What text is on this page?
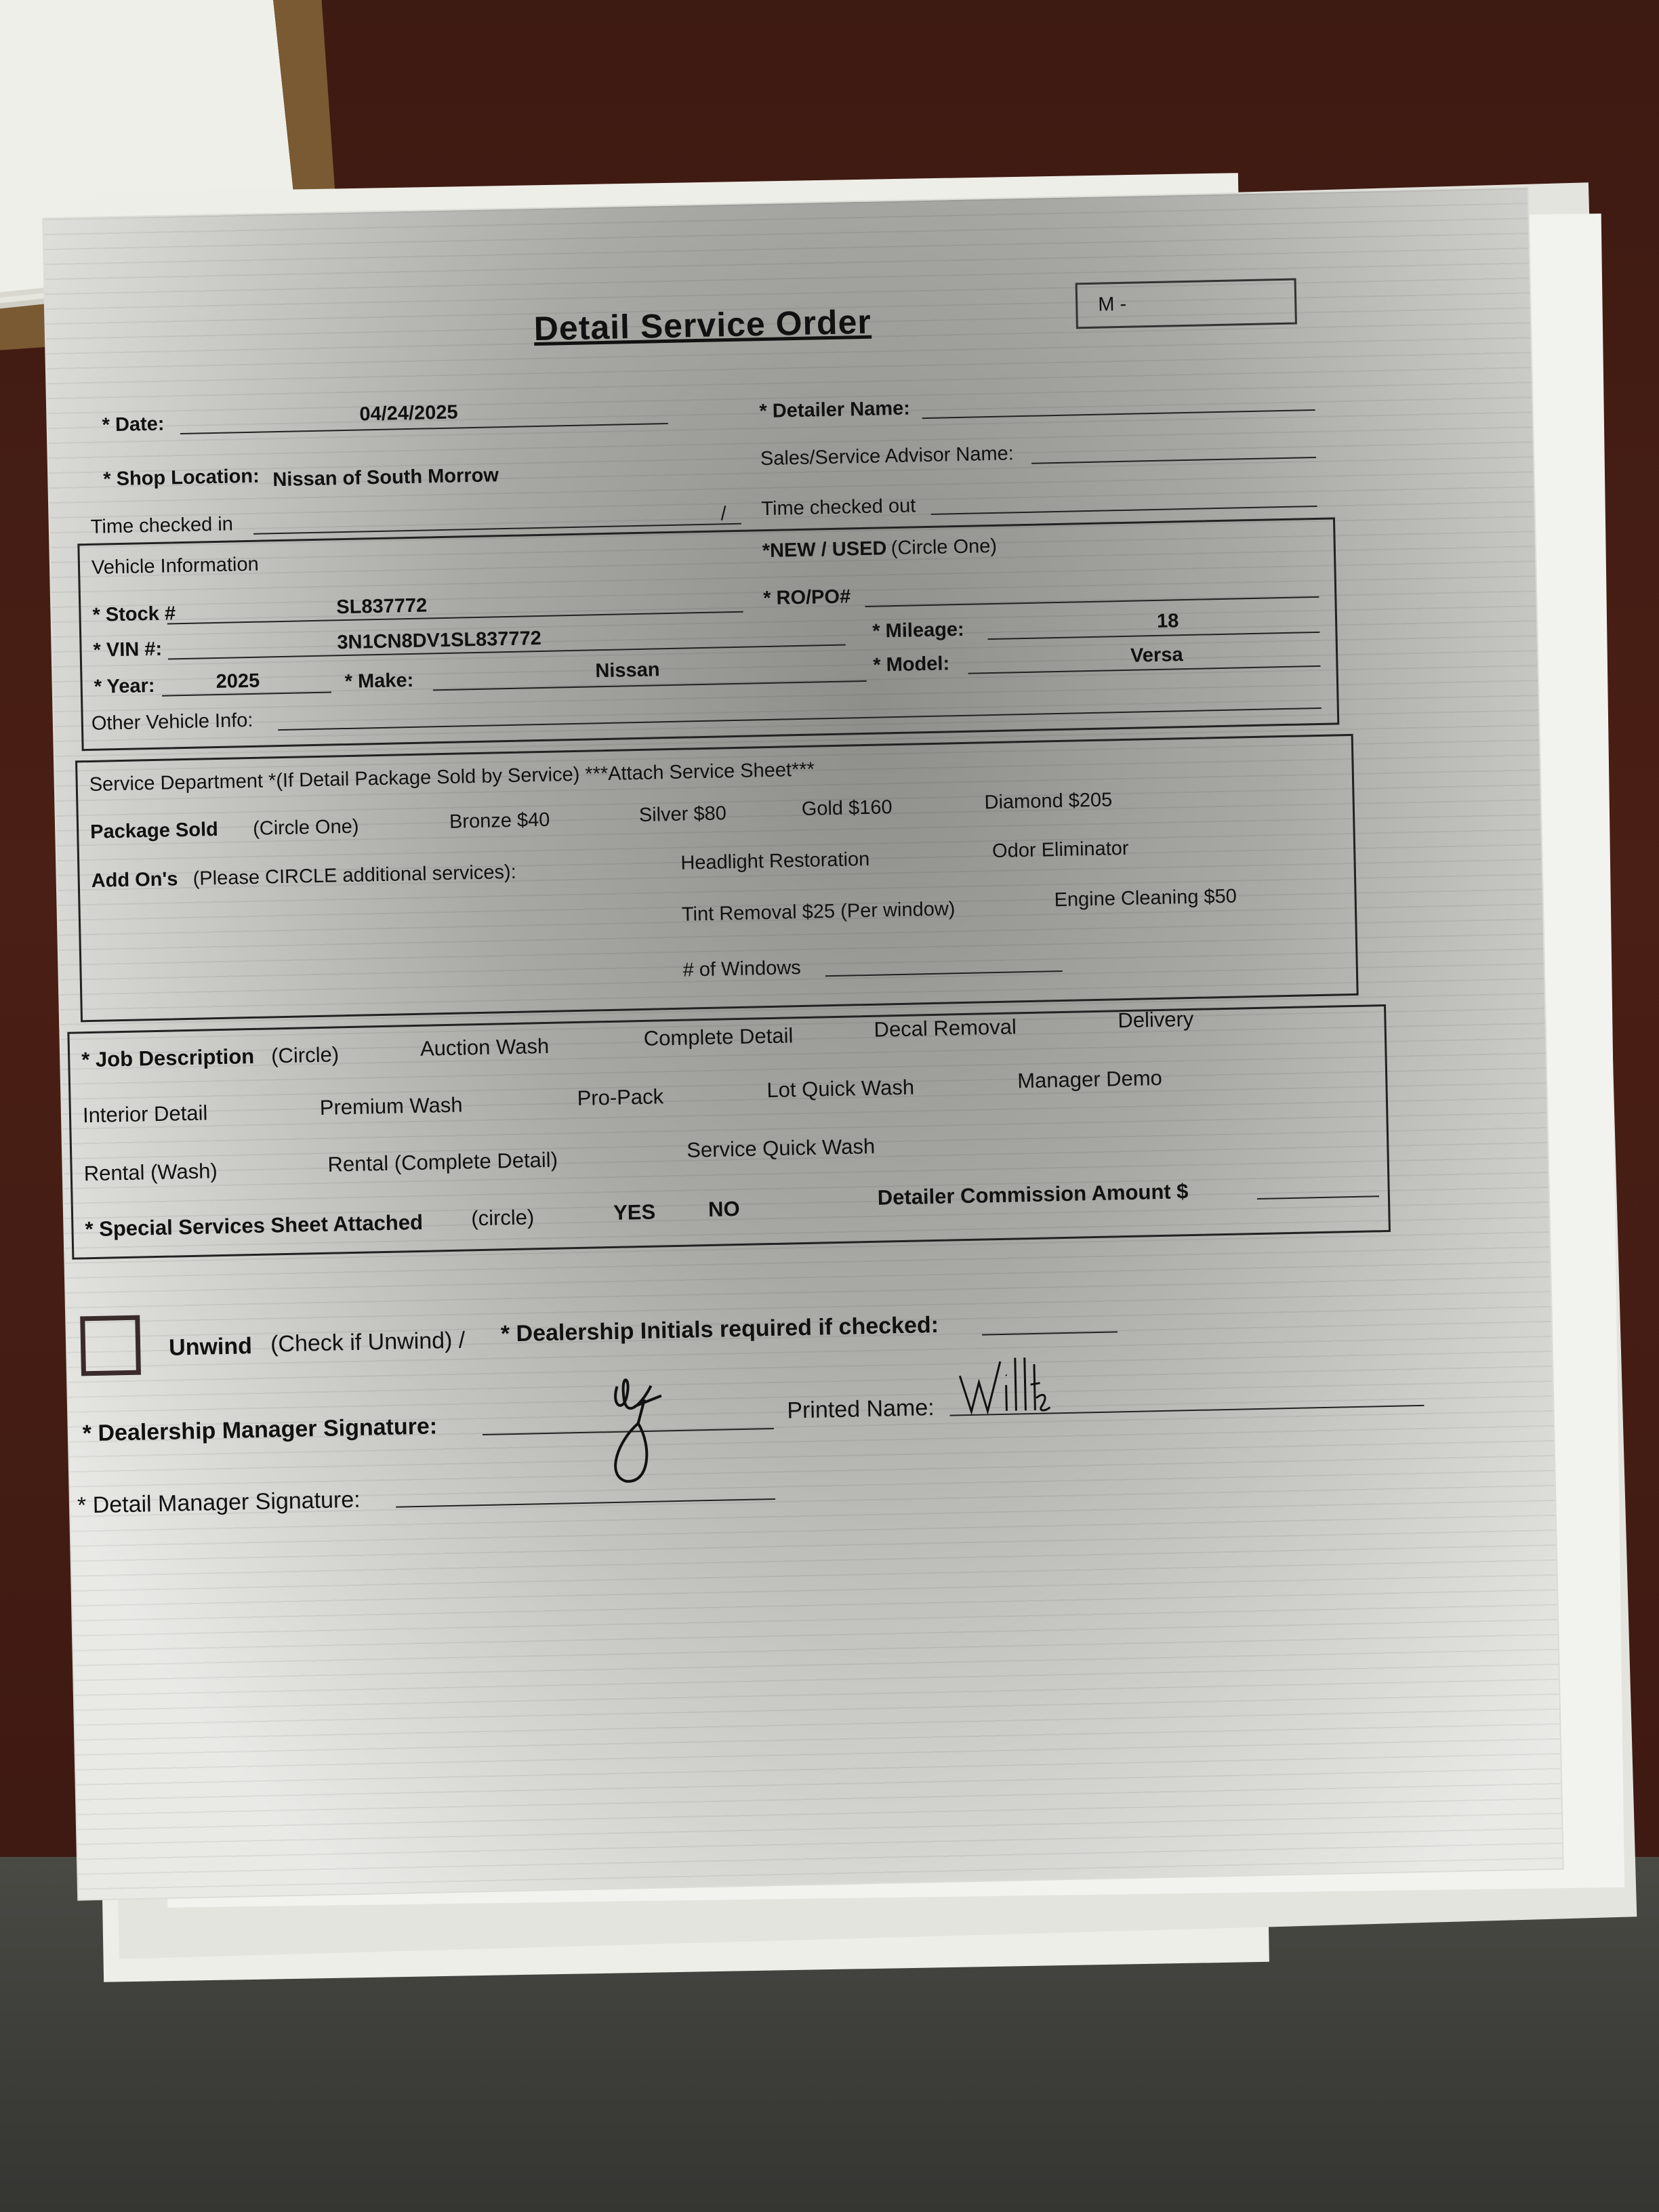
Detail Service Order	M -
* Date:	04/24/2025	* Detailer Name:
* Shop Location: Nissan of South Morrow
Sales/Service Advisor Name:
Time checked in	/ Time checked out
Vehicle Information
*NEW / USED (Circle One)
* Stock #	SL837772	* RO/PO#
* VIN #:	3N1CN8DV1SL837772	* Mileage:	18
* Year:	2025	* Make:	Nissan	* Model:	Versa
Other Vehicle Info:
Service Department *(If Detail Package Sold by Service) ***Attach Service Sheet***
Package Sold (Circle One)	Bronze $40	Silver $80	Gold $160	Diamond $205
Add On's (Please CIRCLE additional services):
Headlight Restoration	Odor Eliminator
Tint Removal $25 (Per window)	Engine Cleaning $50
# of Windows
* Job Description (Circle)	Auction Wash	Complete Detail	Decal Removal	Delivery
Interior Detail	Premium Wash	Pro-Pack	Lot Quick Wash	Manager Demo
Rental (Wash)	Rental (Complete Detail)	Service Quick Wash
* Special Services Sheet Attached (circle)	YES NO	Detailer Commission Amount $
Unwind (Check if Unwind) / * Dealership Initials required if checked:
* Dealership Manager Signature:
Printed Name:
* Detail Manager Signature:
